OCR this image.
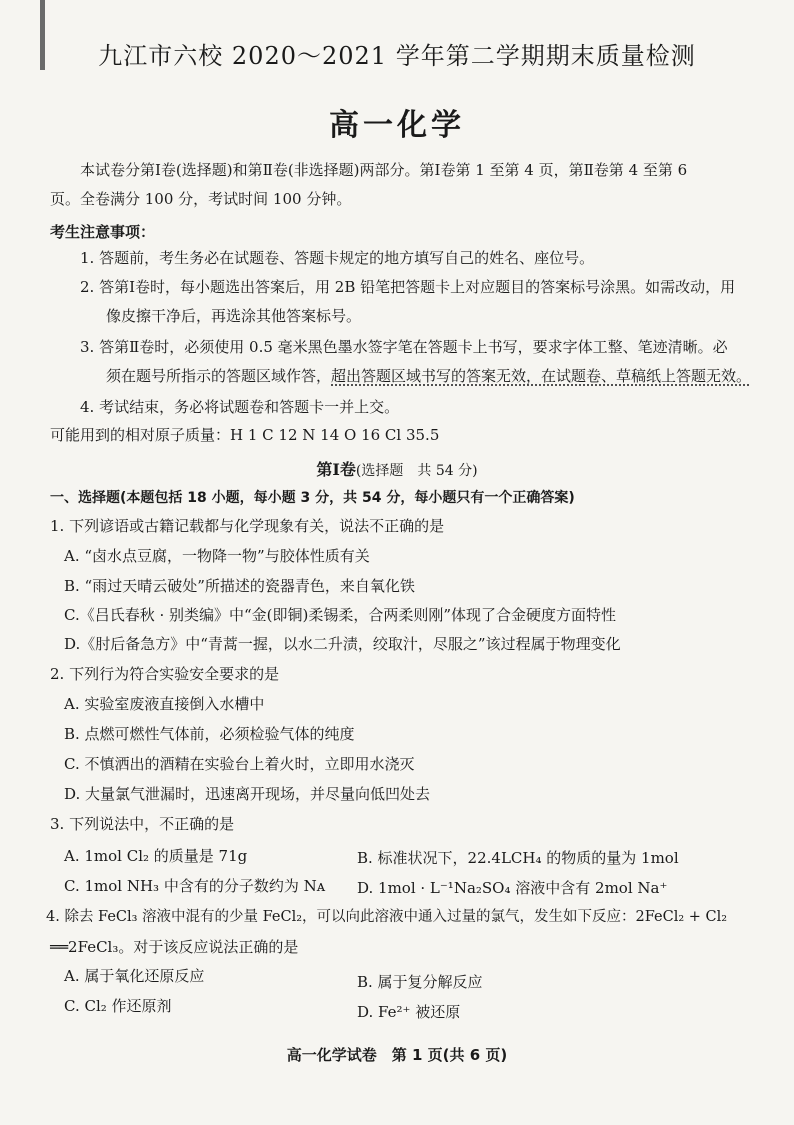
九江市六校 2020～2021 学年第二学期期末质量检测
高一化学
本试卷分第Ⅰ卷(选择题)和第Ⅱ卷(非选择题)两部分。第Ⅰ卷第 1 至第 4 页，第Ⅱ卷第 4 至第 6
页。全卷满分 100 分，考试时间 100 分钟。
考生注意事项：
1. 答题前，考生务必在试题卷、答题卡规定的地方填写自己的姓名、座位号。
2. 答第Ⅰ卷时，每小题选出答案后，用 2B 铅笔把答题卡上对应题目的答案标号涂黑。如需改动，用
像皮擦干净后，再选涂其他答案标号。
3. 答第Ⅱ卷时，必须使用 0.5 毫米黑色墨水签字笔在答题卡上书写，要求字体工整、笔迹清晰。必
须在题号所指示的答题区域作答，超出答题区域书写的答案无效，在试题卷、草稿纸上答题无效。
4. 考试结束，务必将试题卷和答题卡一并上交。
可能用到的相对原子质量：H 1 C 12 N 14 O 16 Cl 35.5
第Ⅰ卷(选择题　共 54 分)
一、选择题(本题包括 18 小题，每小题 3 分，共 54 分，每小题只有一个正确答案)
1. 下列谚语或古籍记载都与化学现象有关，说法不正确的是
A. “卤水点豆腐，一物降一物”与胶体性质有关
B. “雨过天晴云破处”所描述的瓷器青色，来自氧化铁
C.《吕氏春秋 · 别类编》中“金(即铜)柔锡柔，合两柔则刚”体现了合金硬度方面特性
D.《肘后备急方》中“青蒿一握，以水二升渍，绞取汁，尽服之”该过程属于物理变化
2. 下列行为符合实验安全要求的是
A. 实验室废液直接倒入水槽中
B. 点燃可燃性气体前，必须检验气体的纯度
C. 不慎洒出的酒精在实验台上着火时，立即用水浇灭
D. 大量氯气泄漏时，迅速离开现场，并尽量向低凹处去
3. 下列说法中，不正确的是
A. 1mol Cl₂ 的质量是 71g	B. 标准状况下，22.4LCH₄ 的物质的量为 1mol
C. 1mol NH₃ 中含有的分子数约为 Nᴀ D. 1mol · L⁻¹Na₂SO₄ 溶液中含有 2mol Na⁺
4. 除去 FeCl₃ 溶液中混有的少量 FeCl₂，可以向此溶液中通入过量的氯气，发生如下反应：2FeCl₂ + Cl₂
══2FeCl₃。对于该反应说法正确的是
A. 属于氧化还原反应	B. 属于复分解反应
C. Cl₂ 作还原剂	D. Fe²⁺ 被还原
高一化学试卷　第 1 页(共 6 页)
